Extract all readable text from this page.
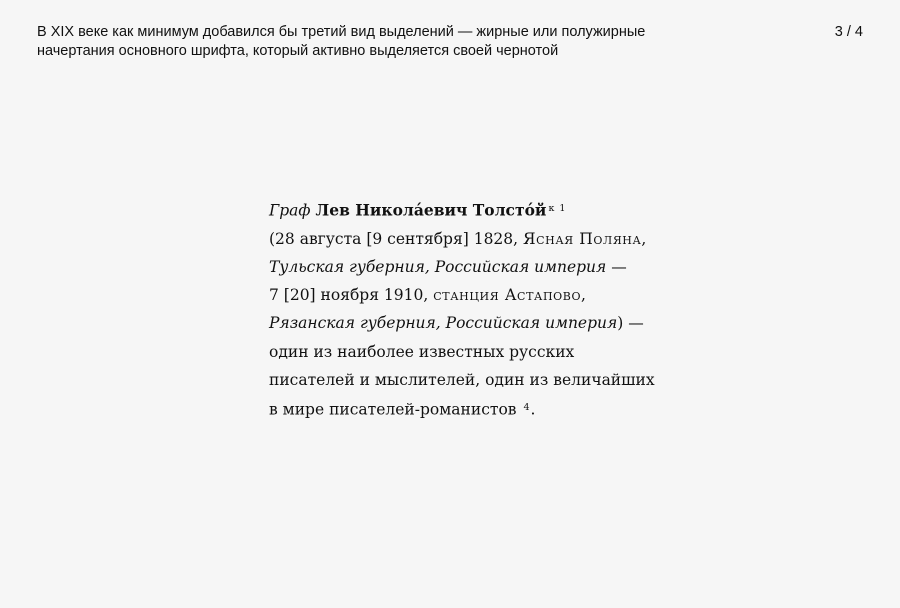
В XIX веке как минимум добавился бы третий вид выделений — жирные или полужирные
начертания основного шрифта, который активно выделяется своей чернотой
3 / 4
Граф Лев Никола́евич Толсто́й $^{к 1}$
(28 августа [9 сентября] 1828, Ясная Поляна,
Тульская губерния, Российская империя —
7 [20] ноября 1910, станция Астапово,
Рязанская губерния, Российская империя) —
один из наиболее известных русских
писателей и мыслителей, один из величайших
в мире писателей-романистов $^4$.
